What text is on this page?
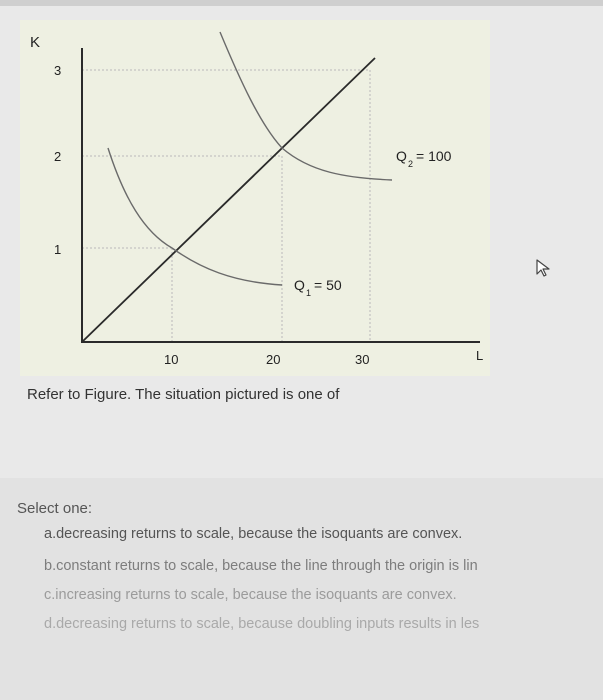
K
L
3
2
1
10	20	30
Q 1 = 50
Q 2 = 100
Refer to Figure. The situation pictured is one of
Select one:
a.decreasing returns to scale, because the isoquants are convex.
b.constant returns to scale, because the line through the origin is lin
c.increasing returns to scale, because the isoquants are convex.
d.decreasing returns to scale, because doubling inputs results in les
